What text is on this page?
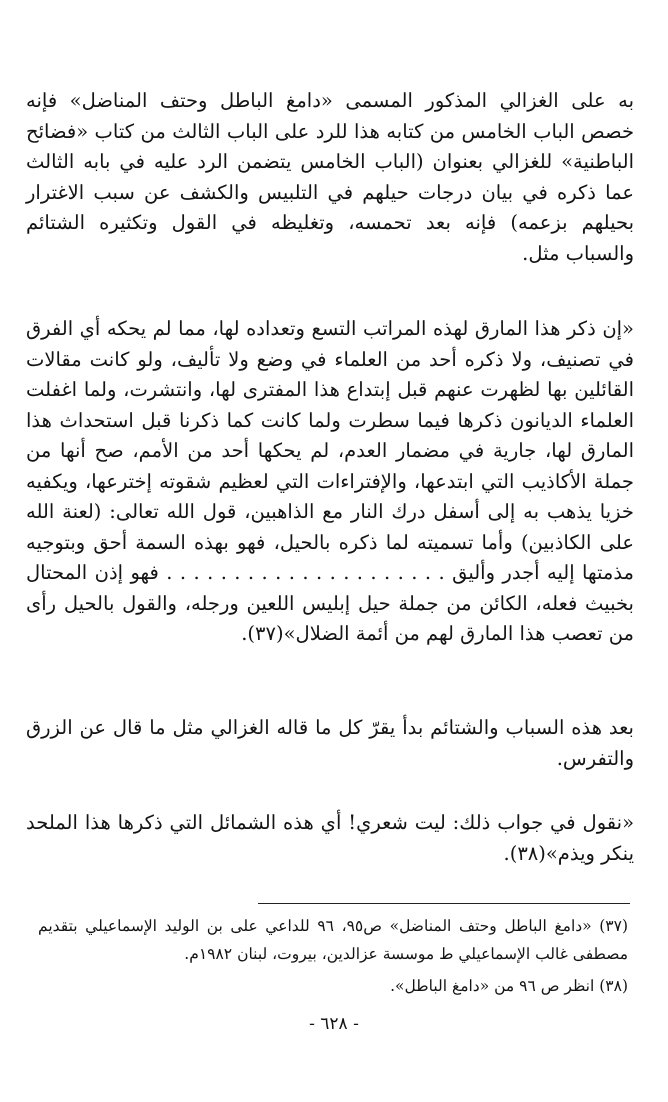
به على الغزالي المذكور المسمى «دامغ الباطل وحتف المناضل» فإنه خصص الباب الخامس من كتابه هذا للرد على الباب الثالث من كتاب «فضائح الباطنية» للغزالي بعنوان (الباب الخامس يتضمن الرد عليه في بابه الثالث عما ذكره في بيان درجات حيلهم في التلبيس والكشف عن سبب الاغترار بحيلهم بزعمه) فإنه بعد تحمسه، وتغليظه في القول وتكثيره الشتائم والسباب مثل.

«إن ذكر هذا المارق لهذه المراتب التسع وتعداده لها، مما لم يحكه أي الفرق في تصنيف، ولا ذكره أحد من العلماء في وضع ولا تأليف، ولو كانت مقالات القائلين بها لظهرت عنهم قبل إبتداع هذا المفترى لها، وانتشرت، ولما اغفلت العلماء الديانون ذكرها فيما سطرت ولما كانت كما ذكرنا قبل استحداث هذا المارق لها، جارية في مضمار العدم، لم يحكها أحد من الأمم، صح أنها من جملة الأكاذيب التي ابتدعها، والإفتراءات التي لعظيم شقوته إخترعها، ويكفيه خزيا يذهب به إلى أسفل درك النار مع الذاهبين، قول الله تعالى: (لعنة الله على الكاذبين) وأما تسميته لما ذكره بالحيل، فهو بهذه السمة أحق وبتوجيه مذمتها إليه أجدر وأليق . . . . . . . . . . . . . . . . . . . . . فهو إذن المحتال بخبيث فعله، الكائن من جملة حيل إبليس اللعين ورجله، والقول بالحيل رأى من تعصب هذا المارق لهم من أئمة الضلال»(٣٧).

بعد هذه السباب والشتائم بدأ يقرّ كل ما قاله الغزالي مثل ما قال عن الزرق والتفرس.

«نقول في جواب ذلك: ليت شعري! أي هذه الشمائل التي ذكرها هذا الملحد ينكر ويذم»(٣٨).

(٣٧) «دامغ الباطل وحتف المناضل» ص٩٥، ٩٦ للداعي على بن الوليد الإسماعيلي بتقديم مصطفى غالب الإسماعيلي ط موسسة عزالدين، بيروت، لبنان ١٩٨٢م.

(٣٨) انظر ص ٩٦ من «دامغ الباطل».

- ٦٢٨ -
